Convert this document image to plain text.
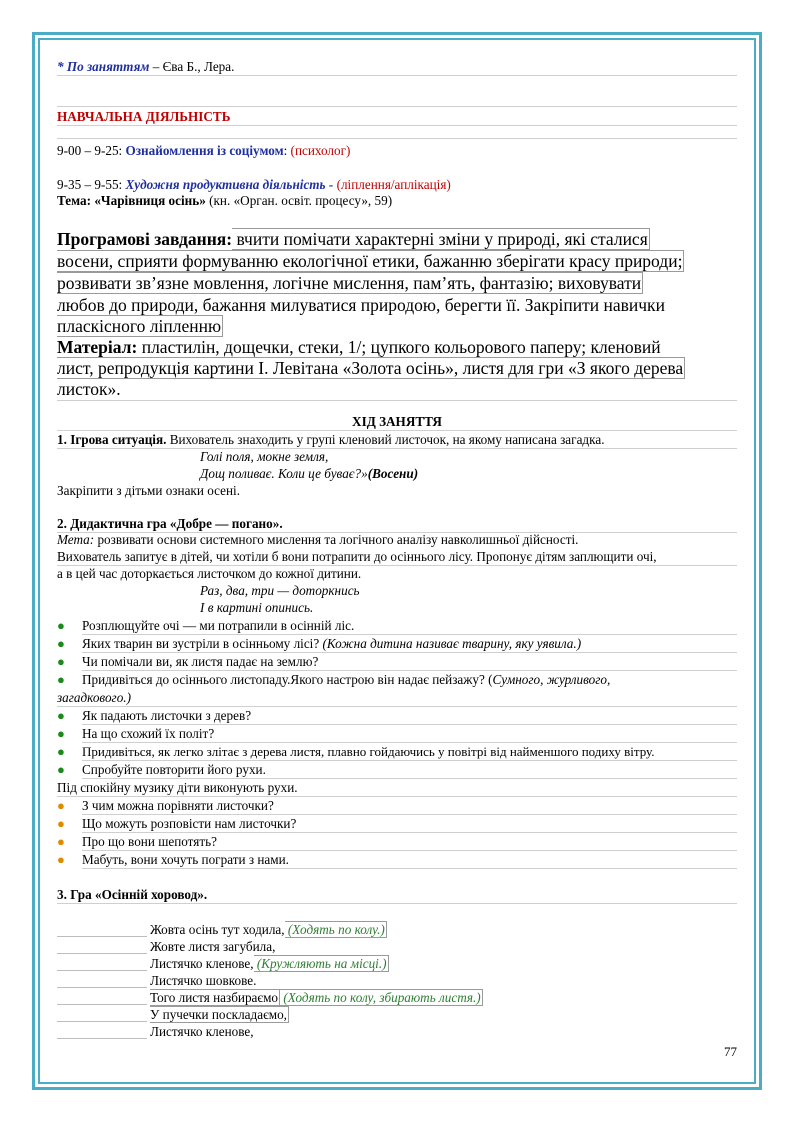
* По заняттям – Єва Б., Лера.
НАВЧАЛЬНА ДІЯЛЬНІСТЬ
9-00 – 9-25: Ознайомлення із соціумом: (психолог)
9-35 – 9-55: Художня продуктивна діяльність - (ліплення/аплікація)
Тема: «Чарівниця осінь» (кн. «Орган. освіт. процесу», 59)
Програмові завдання: вчити помічати характерні зміни у природі, які сталися
восени, сприяти формуванню екологічної етики, бажанню зберігати красу природи;
розвивати зв’язне мовлення, логічне мислення, пам’ять, фантазію; виховувати
любов до природи, бажання милуватися природою, берегти її. Закріпити навички
пласкісного ліпленню
Матеріал: пластилін, дощечки, стеки, 1/; цупкого кольорового паперу; кленовий
лист, репродукція картини І. Левітана «Золота осінь», листя для гри «З якого дерева
листок».
ХІД ЗАНЯТТЯ
1. Ігрова ситуація. Вихователь знаходить у групі кленовий листочок, на якому написана загадка.
Голі поля, мокне земля,
Дощ поливає. Коли це буває?»(Восени)
Закріпити з дітьми ознаки осені.
2. Дидактична гра «Добре — погано».
Мета: розвивати основи системного мислення та логічного аналізу навколишньої дійсності.
Вихователь запитує в дітей, чи хотіли б вони потрапити до осіннього лісу. Пропонує дітям заплющити очі,
а в цей час доторкається листочком до кожної дитини.
Раз, два, три — доторкнись
І в картині опинись.
● Розплющуйте очі — ми потрапили в осінній ліс.
● Яких тварин ви зустріли в осінньому лісі? (Кожна дитина називає тварину, яку уявила.)
● Чи помічали ви, як листя падає на землю?
● Придивіться до осіннього листопаду.Якого настрою він надає пейзажу? (Сумного, журливого,
загадкового.)
● Як падають листочки з дерев?
● На що схожий їх політ?
● Придивіться, як легко злітає з дерева листя, плавно гойдаючись у повітрі від найменшого подиху вітру.
● Спробуйте повторити його рухи.
Під спокійну музику діти виконують рухи.
● З чим можна порівняти листочки?
● Що можуть розповісти нам листочки?
● Про що вони шепотять?
● Мабуть, вони хочуть пограти з нами.
3. Гра «Осінній хоровод».
Жовта осінь тут ходила, (Ходять по колу.)
Жовте листя загубила,
Листячко кленове, (Кружляють на місці.)
Листячко шовкове.
Того листя назбираємо (Ходять по колу, збирають листя.)
У пучечки поскладаємо,
Листячко кленове,
77
